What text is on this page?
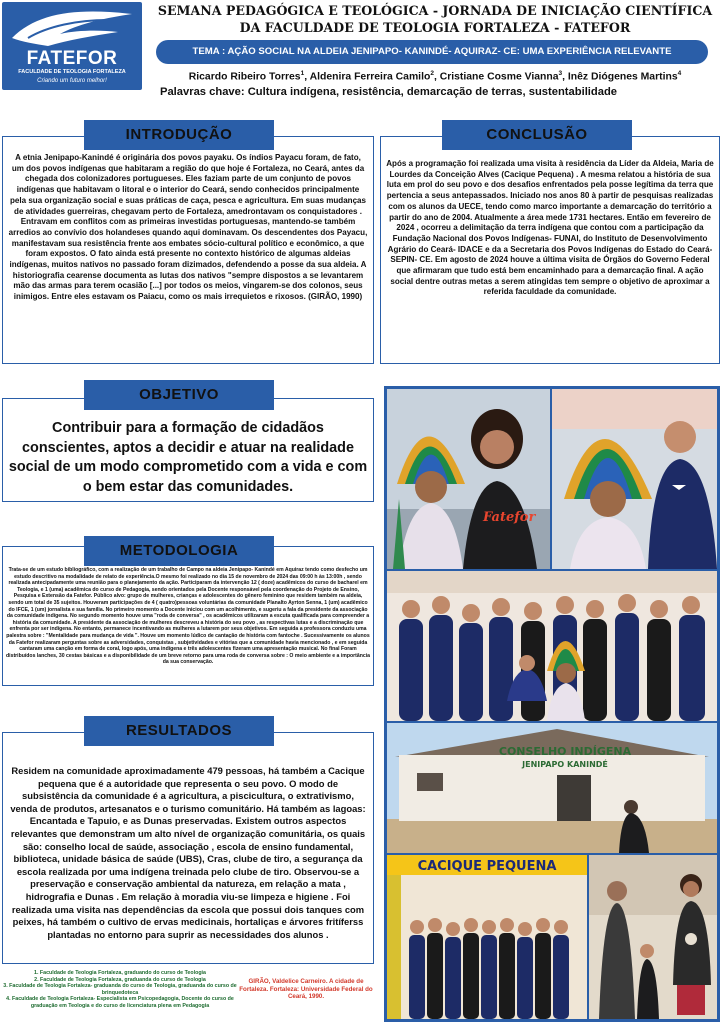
FATEFOR
FACULDADE DE TEOLOGIA FORTALEZA
Criando um futuro melhor!
SEMANA PEDAGÓGICA E TEOLÓGICA - JORNADA DE INICIAÇÃO CIENTÍFICA
DA FACULDADE DE TEOLOGIA FORTALEZA - FATEFOR
TEMA : AÇÃO SOCIAL NA ALDEIA JENIPAPO- KANINDÉ- AQUIRAZ- CE: UMA EXPERIÊNCIA RELEVANTE
Ricardo Ribeiro Torres$^1$, Aldenira Ferreira Camilo$^2$, Cristiane Cosme Vianna$^3$, Inêz Diógenes Martins$^4$
Palavras chave: Cultura indígena, resistência, demarcação de terras, sustentabilidade

A etnia Jenipapo-Kanindé é originária dos povos payaku. Os índios Payacu foram, de fato, um dos povos indígenas que habitaram a região do que hoje é Fortaleza, no Ceará, antes da chegada dos colonizadores portugueses. Eles faziam parte de um conjunto de povos indígenas que habitavam o litoral e o interior do Ceará, sendo conhecidos principalmente pela sua organização social e suas práticas de caça, pesca e agricultura. Em suas mudanças de atividades guerreiras, chegavam perto de Fortaleza, amedrontavam os conquistadores . Entravam em conflitos com as primeiras investidas portuguesas, mantendo-se também arredios ao convívio dos holandeses quando aqui dominavam. Os descendentes dos Payacu, manifestavam sua resistência frente aos embates sócio-cultural político e econômico, a que foram expostos. O fato ainda está presente no contexto histórico de algumas aldeias indígenas, muitos nativos no passado foram dizimados, defendendo a posse da sua aldeia. A historiografia cearense documenta as lutas dos nativos "sempre dispostos a se levantarem mão das armas para terem ocasião [...] por todos os meios, vingarem-se dos colonos, seus inimigos. Entre eles estavam os Paiacu, como os mais irrequietos e rixosos. (GIRÃO, 1990)

INTRODUÇÃO

Após a programação foi realizada uma visita à residência da Líder da Aldeia, Maria de Lourdes da Conceição Alves (Cacique Pequena) . A mesma relatou a história de sua luta em prol do seu povo e dos desafios enfrentados pela posse legítima da terra que pertencia a seus antepassados. Iniciado nos anos 80 à partir de pesquisas realizadas com os alunos da UECE, tendo como marco importante a demarcação do território a partir do ano de 2004. Atualmente a área mede 1731 hectares. Então em fevereiro de 2024 , ocorreu a delimitação da terra indígena que contou com a participação da Fundação Nacional dos Povos Indígenas- FUNAI, do Instituto de Desenvolvimento Agrário do Ceará- IDACE e da a Secretaria dos Povos Indígenas do Estado do Ceará- SEPIN- CE. Em agosto de 2024 houve a última visita de Órgãos do Governo Federal que afirmaram que tudo está bem encaminhado para a demarcação final. A ação social dentre outras metas a serem atingidas tem sempre o objetivo de aproximar a referida faculdade da comunidade.

CONCLUSÃO

Contribuir para a formação de cidadãos conscientes, aptos a decidir e atuar na realidade social de um modo comprometido com a vida e com o bem estar das comunidades.

OBJETIVO

Trata-se de um estudo bibliográfico, com a realização de um trabalho de Campo na aldeia Jenipapo- Kanindé em Aquiraz tendo como desfecho um estudo descritivo na modalidade de relato de experiência.O mesmo foi realizado no dia 15 de novembro de 2024 das 09:00 h às 13:00h , sendo realizada antecipadamente uma reunião para o planejamento da ação. Participaram da intervenção 12 ( doze) acadêmicos do curso de bacharel em Teologia, e 1 (uma) acadêmica do curso de Pedagogia, sendo orientados pela Docente responsável pela coordenação do Projeto de Ensino, Pesquisa e Extensão da Fatefor. Público alvo: grupo de mulheres, crianças e adolescentes do gênero feminino que residem também na aldeia, sendo um total de 35 sujeitos. Houveram participações de 4 ( quatro)pessoas voluntárias da comunidade Planalto Ayrton Senna, 1 (um) acadêmico do IFCE, 1 (um) jornalista e sua família. No primeiro momento a Docente iniciou com um acolhimento, e sugeriu a fala da presidente da associação da comunidade indígena. No segundo momento houve uma "roda de conversa" , os acadêmicos utilizaram a escuta qualificada para compreender a história da comunidade. A presidente da associação de mulheres descreveu a história do seu povo , as respectivas lutas e a discriminação que enfrenta por ser indígena. No entanto, permanece incentivando as mulheres a lutarem por seus objetivos. Em seguida a professora conduziu uma palestra sobre : "Mentalidade para mudança de vida ". Houve um momento lúdico de cantação de história com fantoche . Sucessivamente os alunos da Fatefor realizaram perguntas sobre as adversidades, conquistas , subjetividades e vitórias que a comunidade havia mencionado , e em seguida cantaram uma canção em forma de coral, logo após, uma indígena e três adolescentes fizeram uma apresentação musical. No final Foram distribuídos lanches, 30 cestas básicas e a disponibilidade de um breve retorno para uma roda de conversa sobre : O meio ambiente e a importância da sua conservação.

METODOLOGIA

Residem na comunidade aproximadamente 479 pessoas, há também a Cacique pequena que é a autoridade que representa o seu povo. O modo de subsistência da comunidade é a agricultura, a piscicultura, o extrativismo, venda de produtos, artesanatos e o turismo comunitário. Há também as lagoas: Encantada e Tapuio, e as Dunas preservadas. Existem outros aspectos relevantes que demonstram um alto nível de organização comunitária, os quais são: conselho local de saúde, associação , escola de ensino fundamental, biblioteca, unidade básica de saúde (UBS), Cras, clube de tiro, a segurança da escola realizada por uma indígena treinada pelo clube de tiro. Observou-se a preservação e conservação ambiental da natureza, em relação a mata , hidrografia e Dunas . Em relação à moradia viu-se limpeza e higiene . Foi realizada uma visita nas dependências da escola que possui dois tanques com peixes, há também o cultivo de ervas medicinais, hortaliças e árvores fritíferss plantadas no entorno para suprir as necessidades dos alunos .

RESULTADOS
1. Faculdade de Teologia Fortaleza, graduando do curso de Teologia
2. Faculdade de Teologia Fortaleza, graduanda do curso de Teologia
3. Faculdade de Teologia Fortaleza- graduanda do curso de Teologia, graduanda do curso de brinquedoteca
4. Faculdade de Teologia Fortaleza- Especialista em Psicopedagogia, Docente do curso de graduação em Teologia e do curso de licenciatura plena em Pedagogia
GIRÃO, Valdelice Carneiro. A cidade de Fortaleza. Fortaleza: Universidade Federal do Ceará, 1990.
Fatefor
CONSELHO INDÍGENA
JENIPAPO KANINDÉ
CACIQUE PEQUENA
